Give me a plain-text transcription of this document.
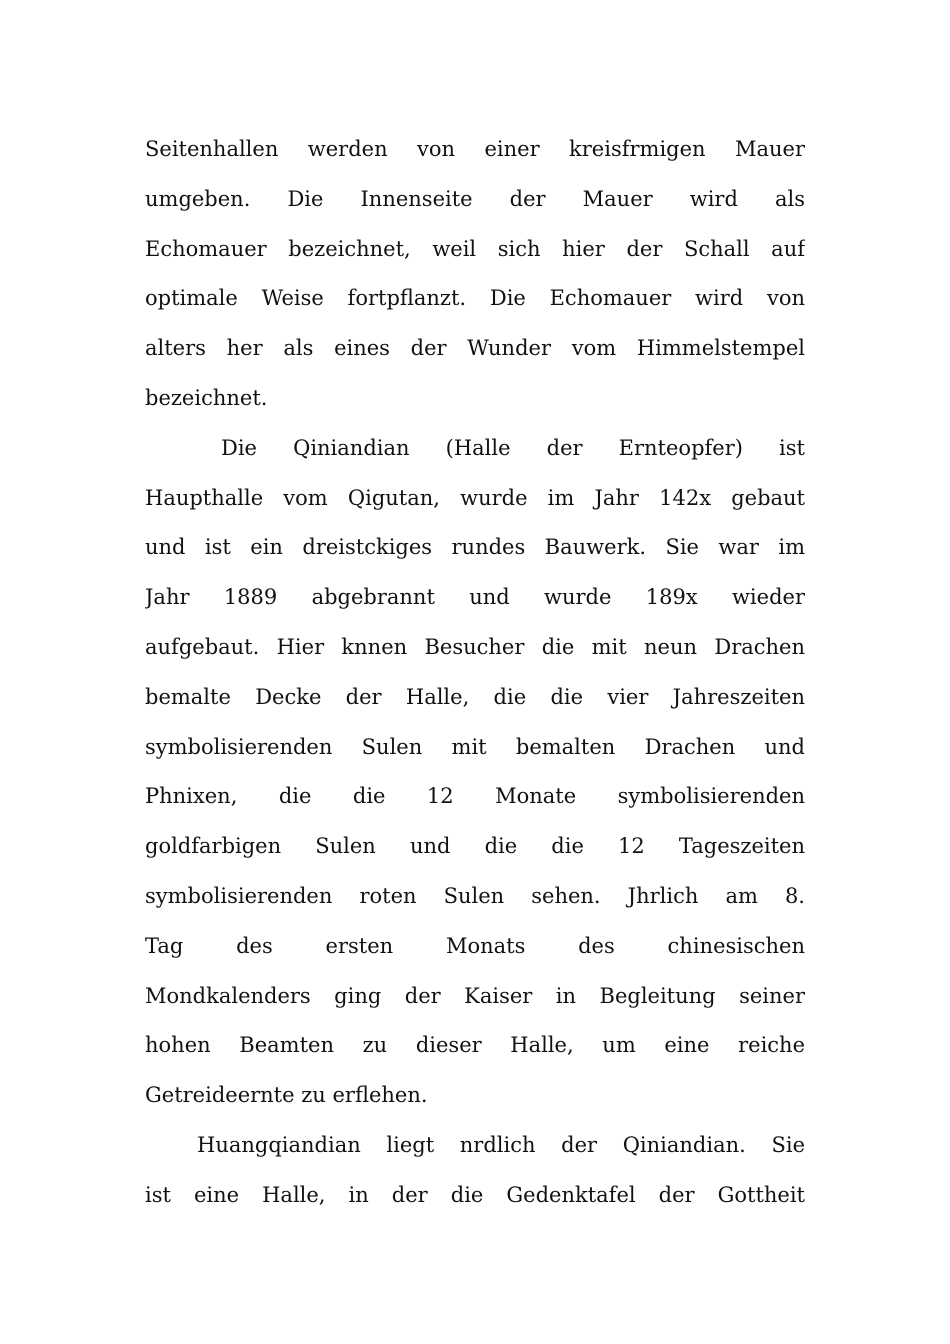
Seitenhallen werden von einer kreisfrmigen Mauer
umgeben. Die Innenseite der Mauer wird als
Echomauer bezeichnet, weil sich hier der Schall auf
optimale Weise fortpflanzt. Die Echomauer wird von
alters her als eines der Wunder vom Himmelstempel
bezeichnet.

Die Qiniandian (Halle der Ernteopfer) ist
Haupthalle vom Qigutan, wurde im Jahr 142x gebaut
und ist ein dreistckiges rundes Bauwerk. Sie war im
Jahr 1889 abgebrannt und wurde 189x wieder
aufgebaut. Hier knnen Besucher die mit neun Drachen
bemalte Decke der Halle, die die vier Jahreszeiten
symbolisierenden Sulen mit bemalten Drachen und
Phnixen, die die 12 Monate symbolisierenden
goldfarbigen Sulen und die die 12 Tageszeiten
symbolisierenden roten Sulen sehen. Jhrlich am 8.
Tag des ersten Monats des chinesischen
Mondkalenders ging der Kaiser in Begleitung seiner
hohen Beamten zu dieser Halle, um eine reiche
Getreideernte zu erflehen.

Huangqiandian liegt nrdlich der Qiniandian. Sie
ist eine Halle, in der die Gedenktafel der Gottheit
